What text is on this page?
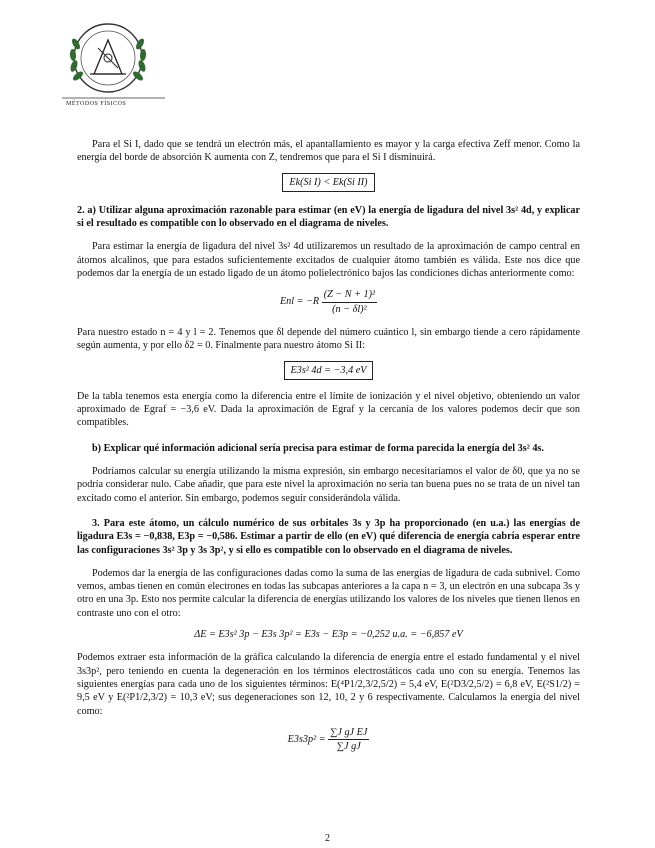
MÉTODOS FÍSICOS

Para el Si I, dado que se tendrá un electrón más, el apantallamiento es mayor y la carga efectiva Zeff menor. Como la energía del borde de absorción K aumenta con Z, tendremos que para el Si I disminuirá.

Ek(Si I) < Ek(Si II)

2. a) Utilizar alguna aproximación razonable para estimar (en eV) la energía de ligadura del nivel 3s² 4d, y explicar si el resultado es compatible con lo observado en el diagrama de niveles.

Para estimar la energía de ligadura del nivel 3s² 4d utilizaremos un resultado de la aproximación de campo central en átomos alcalinos, que para estados suficientemente excitados de cualquier átomo también es válida. Este nos dice que podemos dar la energía de un estado ligado de un átomo polielectrónico bajos las condiciones dichas anteriormente como:

Enl = $-R \frac{\text{(Z − N + 1)²}}{\text{(n − δl)²}}$

Para nuestro estado n = 4 y l = 2. Tenemos que δl depende del número cuántico l, sin embargo tiende a cero rápidamente según aumenta, y por ello δ2 = 0. Finalmente para nuestro átomo Si II:

E3s² 4d = −3,4 eV

De la tabla tenemos esta energía como la diferencia entre el límite de ionización y el nivel objetivo, obteniendo un valor aproximado de Egraf = −3,6 eV. Dada la aproximación de Egraf y la cercanía de los valores podemos decir que son compatibles.

b) Explicar qué información adicional sería precisa para estimar de forma parecida la energía del 3s² 4s.

Podríamos calcular su energía utilizando la misma expresión, sin embargo necesitaríamos el valor de δ0, que ya no se podría considerar nulo. Cabe añadir, que para este nivel la aproximación no sería tan buena pues no se trata de un nivel tan excitado como el anterior. Sin embargo, podemos seguir considerándola válida.

3. Para este átomo, un cálculo numérico de sus orbitales 3s y 3p ha proporcionado (en u.a.) las energías de ligadura E3s = −0,838, E3p = −0,586. Estimar a partir de ello (en eV) qué diferencia de energía cabría esperar entre las configuraciones 3s² 3p y 3s 3p², y si ello es compatible con lo observado en el diagrama de niveles.

Podemos dar la energía de las configuraciones dadas como la suma de las energías de ligadura de cada subnivel. Como vemos, ambas tienen en común electrones en todas las subcapas anteriores a la capa n = 3, un electrón en una subcapa 3s y otro en una 3p. Esto nos permite calcular la diferencia de energías utilizando los valores de los niveles que tienen llenos en contraste uno con el otro:

ΔE = E3s² 3p − E3s 3p² = E3s − E3p = −0,252 u.a. = −6,857 eV

Podemos extraer esta información de la gráfica calculando la diferencia de energía entre el estado fundamental y el nivel 3s3p², pero teniendo en cuenta la degeneración en los términos electrostáticos cada uno con su energía. Tenemos las siguientes energías para cada uno de los siguientes términos: E(⁴P1/2,3/2,5/2) = 5,4 eV, E(²D3/2,5/2) = 6,8 eV, E(²S1/2) = 9,5 eV y E(²P1/2,3/2) = 10,3 eV; sus degeneraciones son 12, 10, 2 y 6 respectivamente. Calculamos la energía del nivel como:

$E3s3p^2 = \frac{\text{∑J gJ EJ}}{\text{∑J gJ}}$
2
